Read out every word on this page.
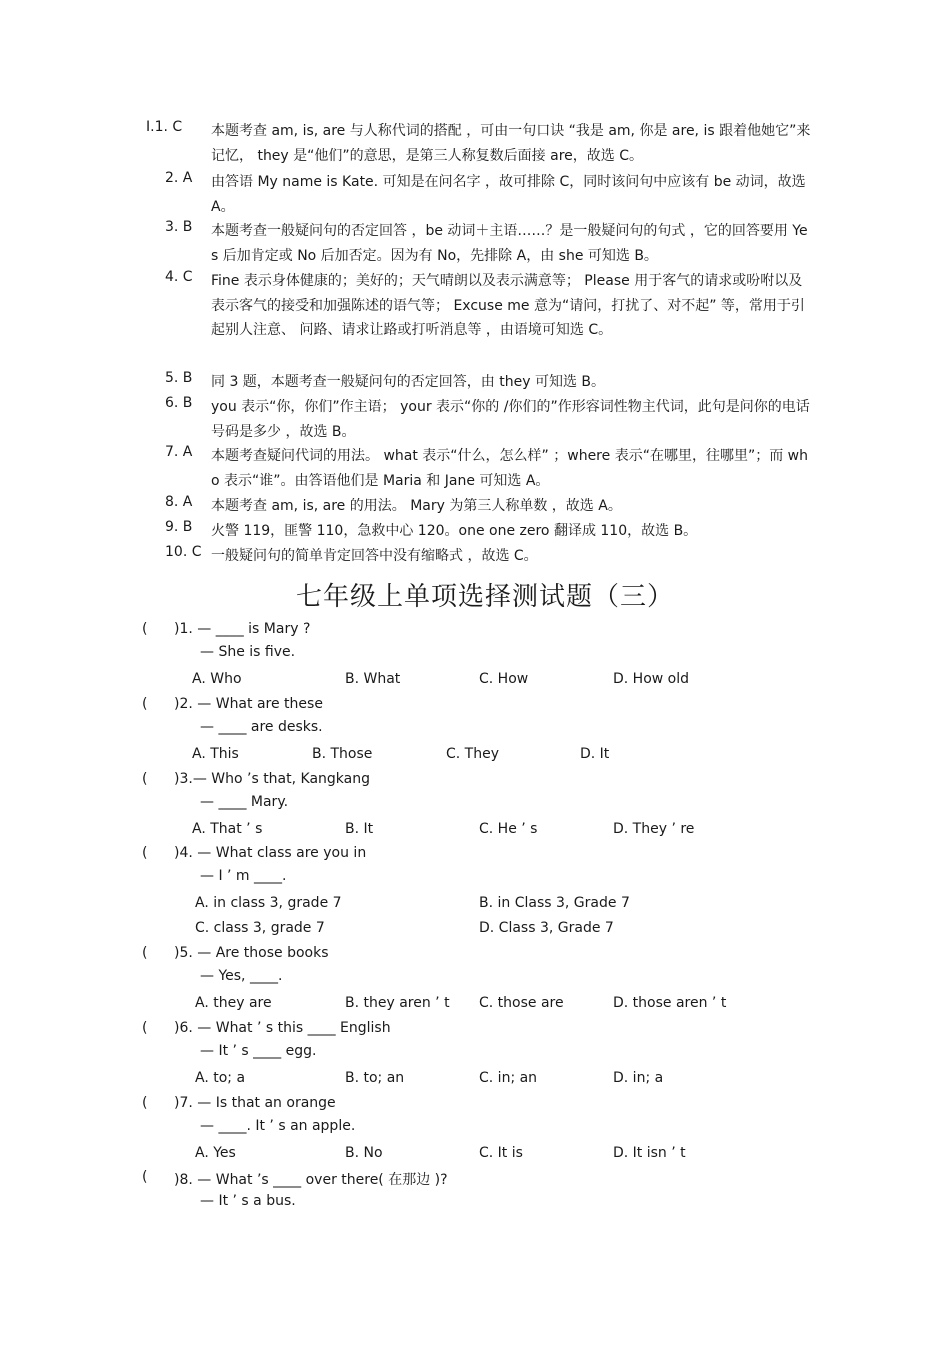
Ⅰ.1. C 本题考查 am, is, are 与人称代词的搭配 ，可由一句口诀 “我是 am, 你是 are, is 跟着他她它”来记忆， they 是“他们”的意思，是第三人称复数后面接 are，故选 C。
2. A 由答语 My name is Kate. 可知是在问名字 ，故可排除 C，同时该问句中应该有 be 动词，故选 A。
3. B 本题考查一般疑问句的否定回答 ，be 动词＋主语……？是一般疑问句的句式 ，它的回答要用 Yes 后加肯定或 No 后加否定。因为有 No，先排除 A，由 she 可知选 B。
4. C Fine 表示身体健康的；美好的；天气晴朗以及表示满意等； Please 用于客气的请求或吩咐以及表示客气的接受和加强陈述的语气等； Excuse me 意为“请问，打扰了、对不起” 等，常用于引起别人注意、 问路、请求让路或打听消息等 ，由语境可知选 C。
5. B 同 3 题，本题考查一般疑问句的否定回答，由 they 可知选 B。
6. B you 表示“你，你们”作主语； your 表示“你的 /你们的”作形容词性物主代词，此句是问你的电话号码是多少 ，故选 B。
7. A 本题考查疑问代词的用法。 what 表示“什么，怎么样” ；where 表示“在哪里，往哪里”；而 who 表示“谁”。由答语他们是 Maria 和 Jane 可知选 A。
8. A 本题考查 am, is, are 的用法。 Mary 为第三人称单数 ，故选 A。
9. B 火警 119，匪警 110，急救中心 120。one one zero 翻译成 110，故选 B。
10. C 一般疑问句的简单肯定回答中没有缩略式 ，故选 C。
七年级上单项选择测试题（三）
( )1. — ____ is Mary ?
— She is five.
A. Who	B. What	C. How	D. How old
( )2. — What are these
— ____ are desks.
A. This	B. Those	C. They	D. It
( )3.— Who ’s that, Kangkang
— ____ Mary.
A. That ’ s	B. It	C. He ’ s	D. They ’ re
( )4. — What class are you in
— I ’ m ____.
A. in class 3, grade 7	B. in Class 3, Grade 7
C. class 3, grade 7	D. Class 3, Grade 7
( )5. — Are those books
— Yes, ____.
A. they are	B. they aren ’ t C. those are	D. those aren ’ t
( )6. — What ’ s this ____ English
— It ’ s ____ egg.
A. to; a	B. to; an	C. in; an	D. in; a
( )7. — Is that an orange
— ____. It ’ s an apple.
A. Yes	B. No	C. It is	D. It isn ’ t
( )8. — What ’s ____ over there( 在那边 )?
— It ’ s a bus.
